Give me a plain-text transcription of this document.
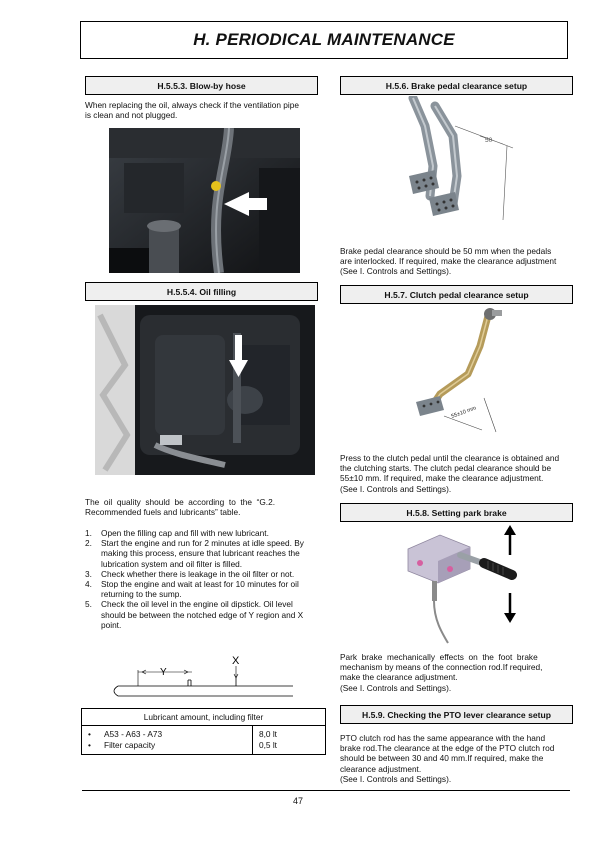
H. PERIODICAL MAINTENANCE
H.5.5.3. Blow-by hose
When replacing the oil, always check if the ventilation pipe
is clean and not plugged.
H.5.5.4. Oil filling
The  oil  quality  should  be  according  to  the  “G.2.
Recommended fuels and lubricants” table.
1. Open the filling cap and fill with new lubricant.
2. Start the engine and run for 2 minutes at idle speed. By
making this process, ensure that lubricant reaches the
lubrication system and oil filter is filled.
3. Check whether there is leakage in the oil filter or not.
4. Stop the engine and wait at least for 10 minutes for oil
returning to the sump.
5. Check the oil level in the engine oil dipstick. Oil level
should be between the notched edge of Y region and X
point.
Y
X
Lubricant amount, including filter
• A53 - A63 - A73
• Filter capacity
8,0 lt
0,5 lt
H.5.6. Brake pedal clearance setup
50
Brake pedal clearance should be 50 mm when the pedals
are interlocked. If required, make the clearance adjustment
(See I. Controls and Settings).
H.5.7. Clutch pedal clearance setup
55±10 mm
Press to the clutch pedal until the clearance is obtained and
the clutching starts. The clutch pedal clearance should be
55±10 mm. If required, make the clearance adjustment.
(See I. Controls and Settings).
H.5.8. Setting park brake
Park  brake  mechanically  effects  on  the  foot  brake
mechanism by means of the connection rod.If required,
make the clearance adjustment.
(See I. Controls and Settings).
H.5.9. Checking the PTO lever clearance setup
PTO clutch rod has the same appearance with the hand
brake rod.The clearance at the edge of the PTO clutch rod
should be between 30 and 40 mm.If required, make the
clearance adjustment.
(See I. Controls and Settings).
47
